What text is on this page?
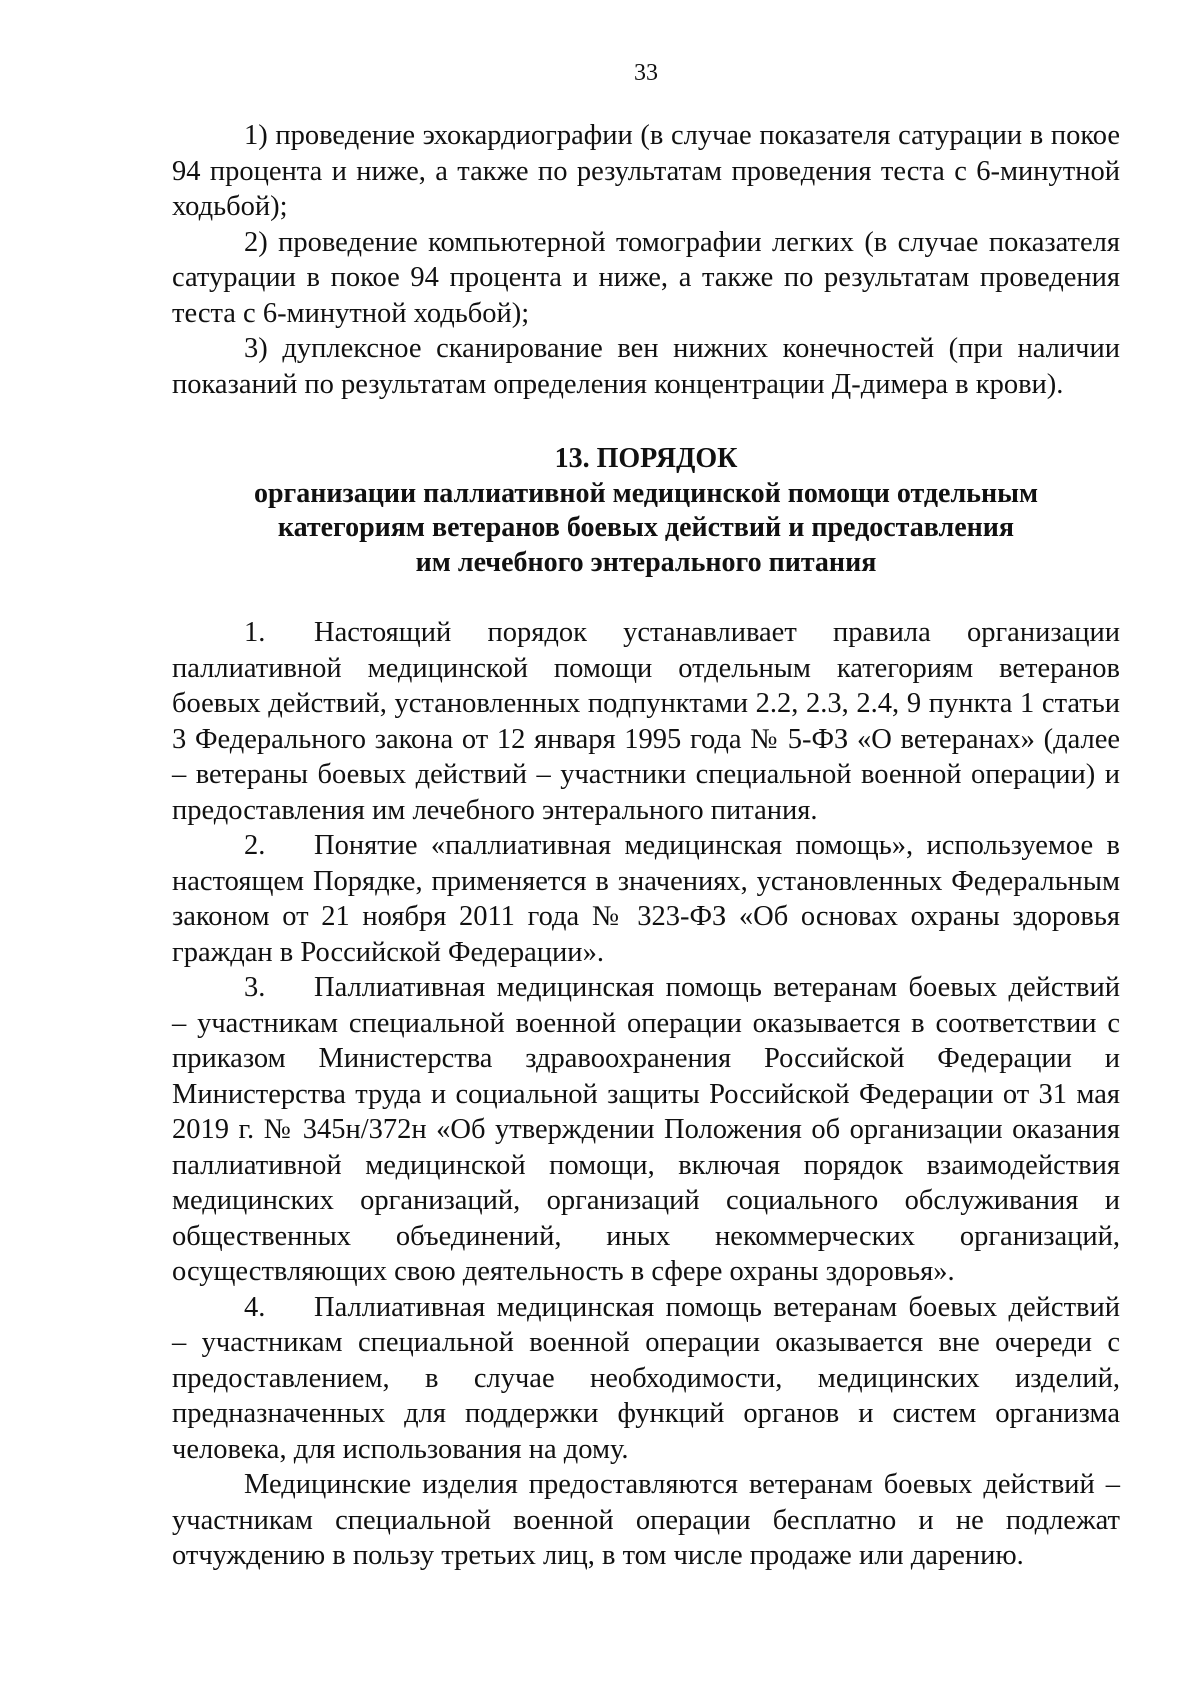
33

1) проведение эхокардиографии (в случае показателя сатурации в покое 94 процента и ниже, а также по результатам проведения теста с 6-минутной ходьбой);

2) проведение компьютерной томографии легких (в случае показателя сатурации в покое 94 процента и ниже, а также по результатам проведения теста с 6-минутной ходьбой);

3) дуплексное сканирование вен нижних конечностей (при наличии показаний по результатам определения концентрации Д-димера в крови).

13. ПОРЯДОК
организации паллиативной медицинской помощи отдельным
категориям ветеранов боевых действий и предоставления
им лечебного энтерального питания

1. Настоящий порядок устанавливает правила организации паллиативной медицинской помощи отдельным категориям ветеранов боевых действий, установленных подпунктами 2.2, 2.3, 2.4, 9 пункта 1 статьи 3 Федерального закона от 12 января 1995 года № 5-ФЗ «О ветеранах» (далее – ветераны боевых действий – участники специальной военной операции) и предоставления им лечебного энтерального питания.

2. Понятие «паллиативная медицинская помощь», используемое в настоящем Порядке, применяется в значениях, установленных Федеральным законом от 21 ноября 2011 года № 323-ФЗ «Об основах охраны здоровья граждан в Российской Федерации».

3. Паллиативная медицинская помощь ветеранам боевых действий – участникам специальной военной операции оказывается в соответствии с приказом Министерства здравоохранения Российской Федерации и Министерства труда и социальной защиты Российской Федерации от 31 мая 2019 г. № 345н/372н «Об утверждении Положения об организации оказания паллиативной медицинской помощи, включая порядок взаимодействия медицинских организаций, организаций социального обслуживания и общественных объединений, иных некоммерческих организаций, осуществляющих свою деятельность в сфере охраны здоровья».

4. Паллиативная медицинская помощь ветеранам боевых действий – участникам специальной военной операции оказывается вне очереди с предоставлением, в случае необходимости, медицинских изделий, предназначенных для поддержки функций органов и систем организма человека, для использования на дому.

Медицинские изделия предоставляются ветеранам боевых действий – участникам специальной военной операции бесплатно и не подлежат отчуждению в пользу третьих лиц, в том числе продаже или дарению.
